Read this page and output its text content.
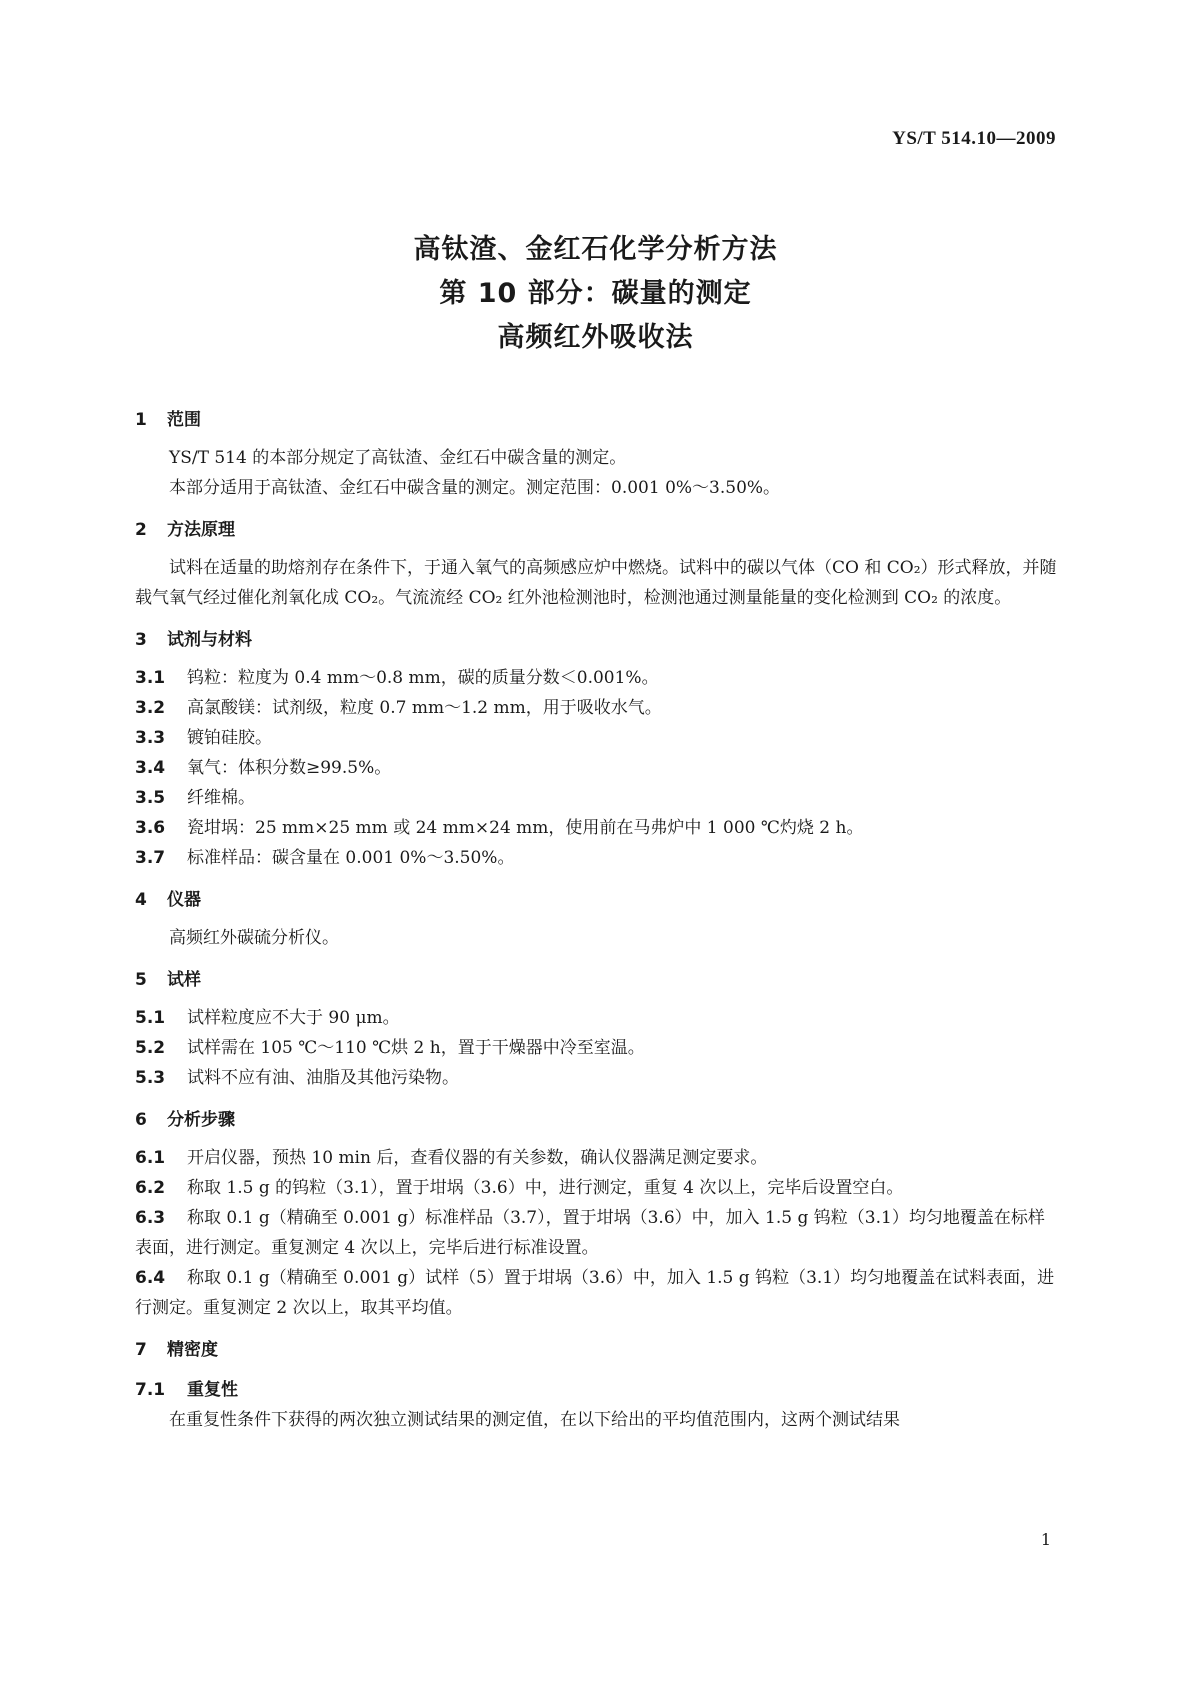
YS/T 514.10—2009
高钛渣、金红石化学分析方法
第 10 部分：碳量的测定
高频红外吸收法
1 范围
YS/T 514 的本部分规定了高钛渣、金红石中碳含量的测定。
本部分适用于高钛渣、金红石中碳含量的测定。测定范围：0.001 0%～3.50%。
2 方法原理
试料在适量的助熔剂存在条件下，于通入氧气的高频感应炉中燃烧。试料中的碳以气体（CO 和 CO₂）形式释放，并随载气氧气经过催化剂氧化成 CO₂。气流流经 CO₂ 红外池检测池时，检测池通过测量能量的变化检测到 CO₂ 的浓度。
3 试剂与材料
3.1 钨粒：粒度为 0.4 mm～0.8 mm，碳的质量分数＜0.001%。
3.2 高氯酸镁：试剂级，粒度 0.7 mm～1.2 mm，用于吸收水气。
3.3 镀铂硅胶。
3.4 氧气：体积分数≥99.5%。
3.5 纤维棉。
3.6 瓷坩埚：25 mm×25 mm 或 24 mm×24 mm，使用前在马弗炉中 1 000 ℃灼烧 2 h。
3.7 标准样品：碳含量在 0.001 0%～3.50%。
4 仪器
高频红外碳硫分析仪。
5 试样
5.1 试样粒度应不大于 90 μm。
5.2 试样需在 105 ℃～110 ℃烘 2 h，置于干燥器中冷至室温。
5.3 试料不应有油、油脂及其他污染物。
6 分析步骤
6.1 开启仪器，预热 10 min 后，查看仪器的有关参数，确认仪器满足测定要求。
6.2 称取 1.5 g 的钨粒（3.1），置于坩埚（3.6）中，进行测定，重复 4 次以上，完毕后设置空白。
6.3 称取 0.1 g（精确至 0.001 g）标准样品（3.7），置于坩埚（3.6）中，加入 1.5 g 钨粒（3.1）均匀地覆盖在标样表面，进行测定。重复测定 4 次以上，完毕后进行标准设置。
6.4 称取 0.1 g（精确至 0.001 g）试样（5）置于坩埚（3.6）中，加入 1.5 g 钨粒（3.1）均匀地覆盖在试料表面，进行测定。重复测定 2 次以上，取其平均值。
7 精密度
7.1 重复性
在重复性条件下获得的两次独立测试结果的测定值，在以下给出的平均值范围内，这两个测试结果
1
